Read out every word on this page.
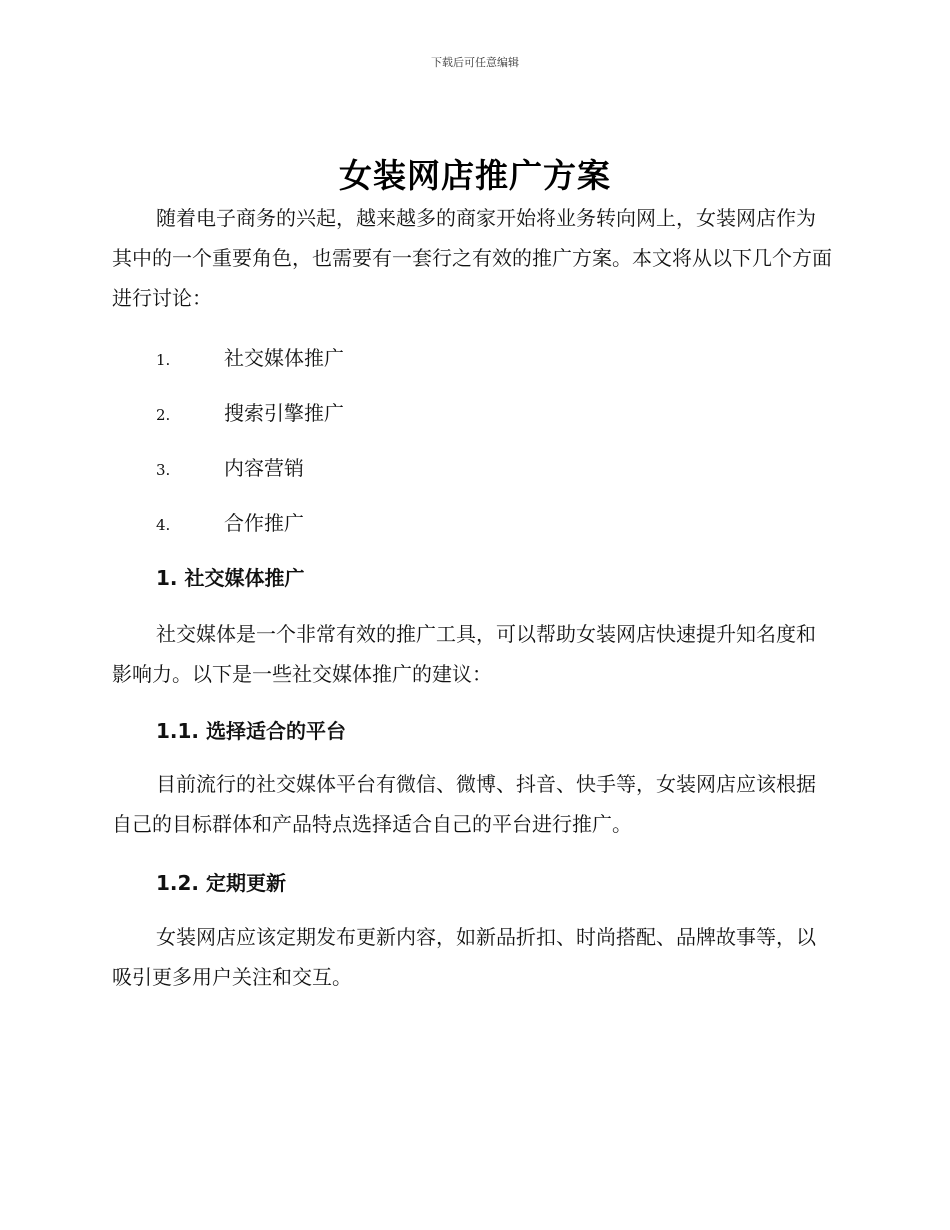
下载后可任意编辑
女装网店推广方案

随着电子商务的兴起，越来越多的商家开始将业务转向网上，女装网店作为其中的一个重要角色，也需要有一套行之有效的推广方案。本文将从以下几个方面进行讨论：

1.	社交媒体推广
2.	搜索引擎推广
3.	内容营销
4.	合作推广
1. 社交媒体推广

社交媒体是一个非常有效的推广工具，可以帮助女装网店快速提升知名度和影响力。以下是一些社交媒体推广的建议：

1.1. 选择适合的平台

目前流行的社交媒体平台有微信、微博、抖音、快手等，女装网店应该根据自己的目标群体和产品特点选择适合自己的平台进行推广。

1.2. 定期更新

女装网店应该定期发布更新内容，如新品折扣、时尚搭配、品牌故事等，以吸引更多用户关注和交互。
